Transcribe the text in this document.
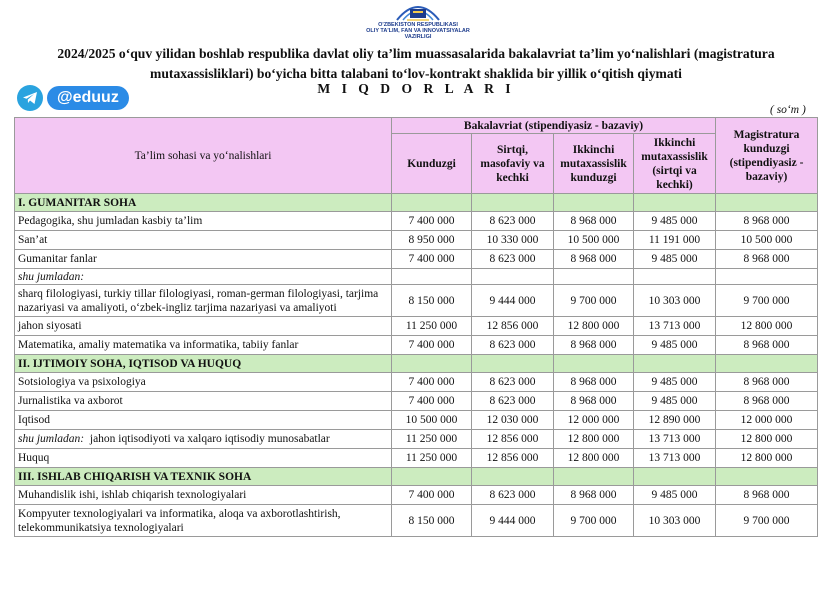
O'ZBEKISTON RESPUBLIKASI
OLIY TA'LIM, FAN VA INNOVATSIYALAR
VAZIRLIGI
2024/2025 o‘quv yilidan boshlab respublika davlat oliy ta’lim muassasalarida bakalavriat ta’lim yo‘nalishlari (magistratura
mutaxassisliklari) bo‘yicha bitta talabani to‘lov-kontrakt shaklida bir yillik o‘qitish qiymati
M I Q D O R L A R I
@eduuz
( so‘m )
Ta’lim sohasi va yo‘nalishlari	Bakalavriat (stipendiyasiz - bazaviy)				Magistratura kunduzgi (stipendiyasiz - bazaviy)
	Kunduzgi	Sirtqi, masofaviy va kechki	Ikkinchi mutaxassislik kunduzgi	Ikkinchi mutaxassislik (sirtqi va kechki)	
I. GUMANITAR SOHA					
Pedagogika, shu jumladan kasbiy ta’lim	7 400 000	8 623 000	8 968 000	9 485 000	8 968 000
San’at	8 950 000	10 330 000	10 500 000	11 191 000	10 500 000
Gumanitar fanlar	7 400 000	8 623 000	8 968 000	9 485 000	8 968 000
shu jumladan:					
sharq filologiyasi, turkiy tillar filologiyasi, roman-german filologiyasi, tarjima nazariyasi va amaliyoti, o‘zbek-ingliz tarjima nazariyasi va amaliyoti	8 150 000	9 444 000	9 700 000	10 303 000	9 700 000
jahon siyosati	11 250 000	12 856 000	12 800 000	13 713 000	12 800 000
Matematika, amaliy matematika va informatika, tabiiy fanlar	7 400 000	8 623 000	8 968 000	9 485 000	8 968 000
II. IJTIMOIY SOHA, IQTISOD VA HUQUQ					
Sotsiologiya va psixologiya	7 400 000	8 623 000	8 968 000	9 485 000	8 968 000
Jurnalistika va axborot	7 400 000	8 623 000	8 968 000	9 485 000	8 968 000
Iqtisod	10 500 000	12 030 000	12 000 000	12 890 000	12 000 000
shu jumladan: jahon iqtisodiyoti va xalqaro iqtisodiy munosabatlar	11 250 000	12 856 000	12 800 000	13 713 000	12 800 000
Huquq	11 250 000	12 856 000	12 800 000	13 713 000	12 800 000
III. ISHLAB CHIQARISH VA TEXNIK SOHA					
Muhandislik ishi, ishlab chiqarish texnologiyalari	7 400 000	8 623 000	8 968 000	9 485 000	8 968 000
Kompyuter texnologiyalari va informatika, aloqa va axborotlashtirish, telekommunikatsiya texnologiyalari	8 150 000	9 444 000	9 700 000	10 303 000	9 700 000
